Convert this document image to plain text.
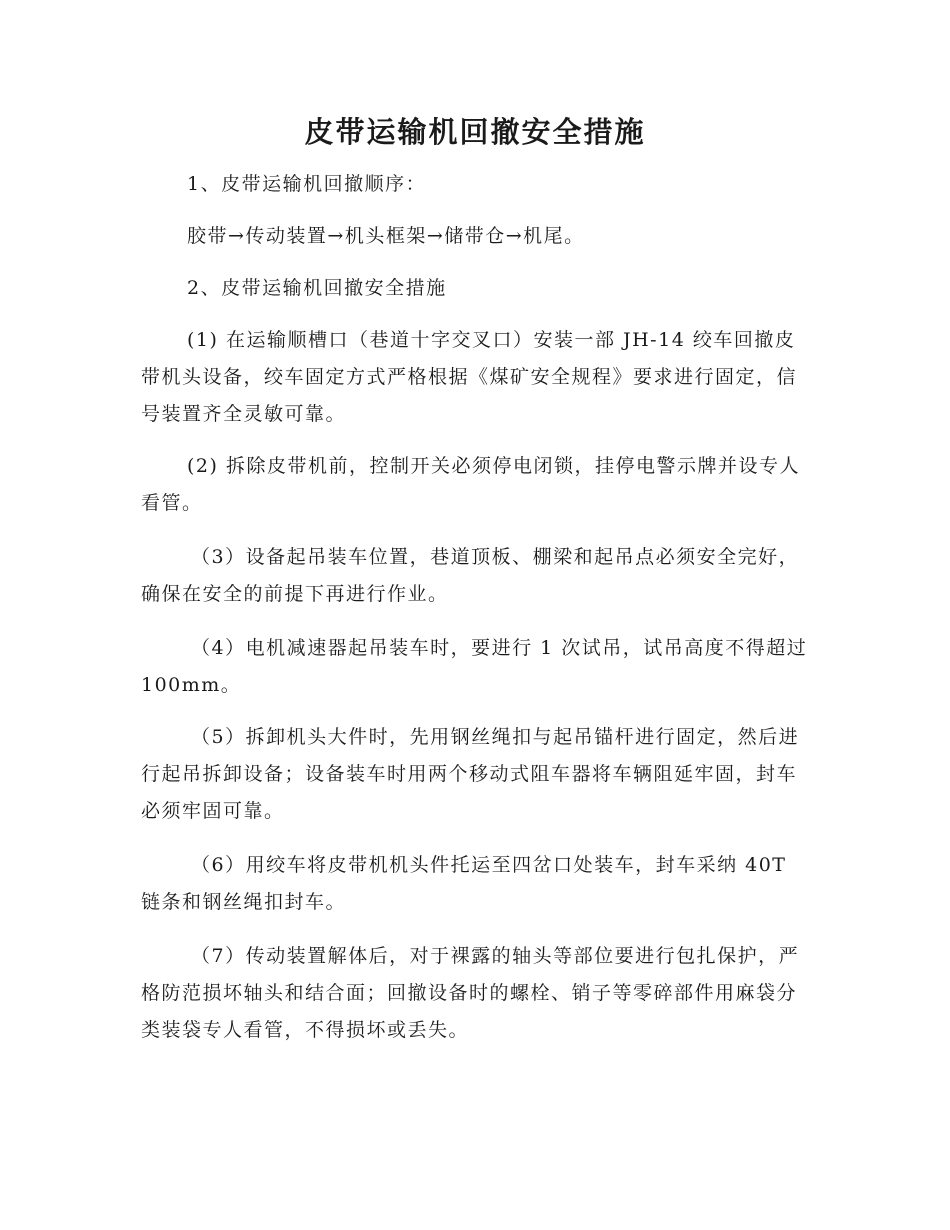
皮带运输机回撤安全措施

1、皮带运输机回撤顺序：

胶带→传动装置→机头框架→储带仓→机尾。

2、皮带运输机回撤安全措施

(1) 在运输顺槽口（巷道十字交叉口）安装一部 JH-14 绞车回撤皮带机头设备，绞车固定方式严格根据《煤矿安全规程》要求进行固定，信号装置齐全灵敏可靠。

(2) 拆除皮带机前，控制开关必须停电闭锁，挂停电警示牌并设专人看管。

（3）设备起吊装车位置，巷道顶板、棚梁和起吊点必须安全完好，确保在安全的前提下再进行作业。

（4）电机减速器起吊装车时，要进行 1 次试吊，试吊高度不得超过 100mm。

（5）拆卸机头大件时，先用钢丝绳扣与起吊锚杆进行固定，然后进行起吊拆卸设备；设备装车时用两个移动式阻车器将车辆阻延牢固，封车必须牢固可靠。

（6）用绞车将皮带机机头件托运至四岔口处装车，封车采纳 40T 链条和钢丝绳扣封车。

（7）传动装置解体后，对于裸露的轴头等部位要进行包扎保护，严格防范损坏轴头和结合面；回撤设备时的螺栓、销子等零碎部件用麻袋分类装袋专人看管，不得损坏或丢失。
